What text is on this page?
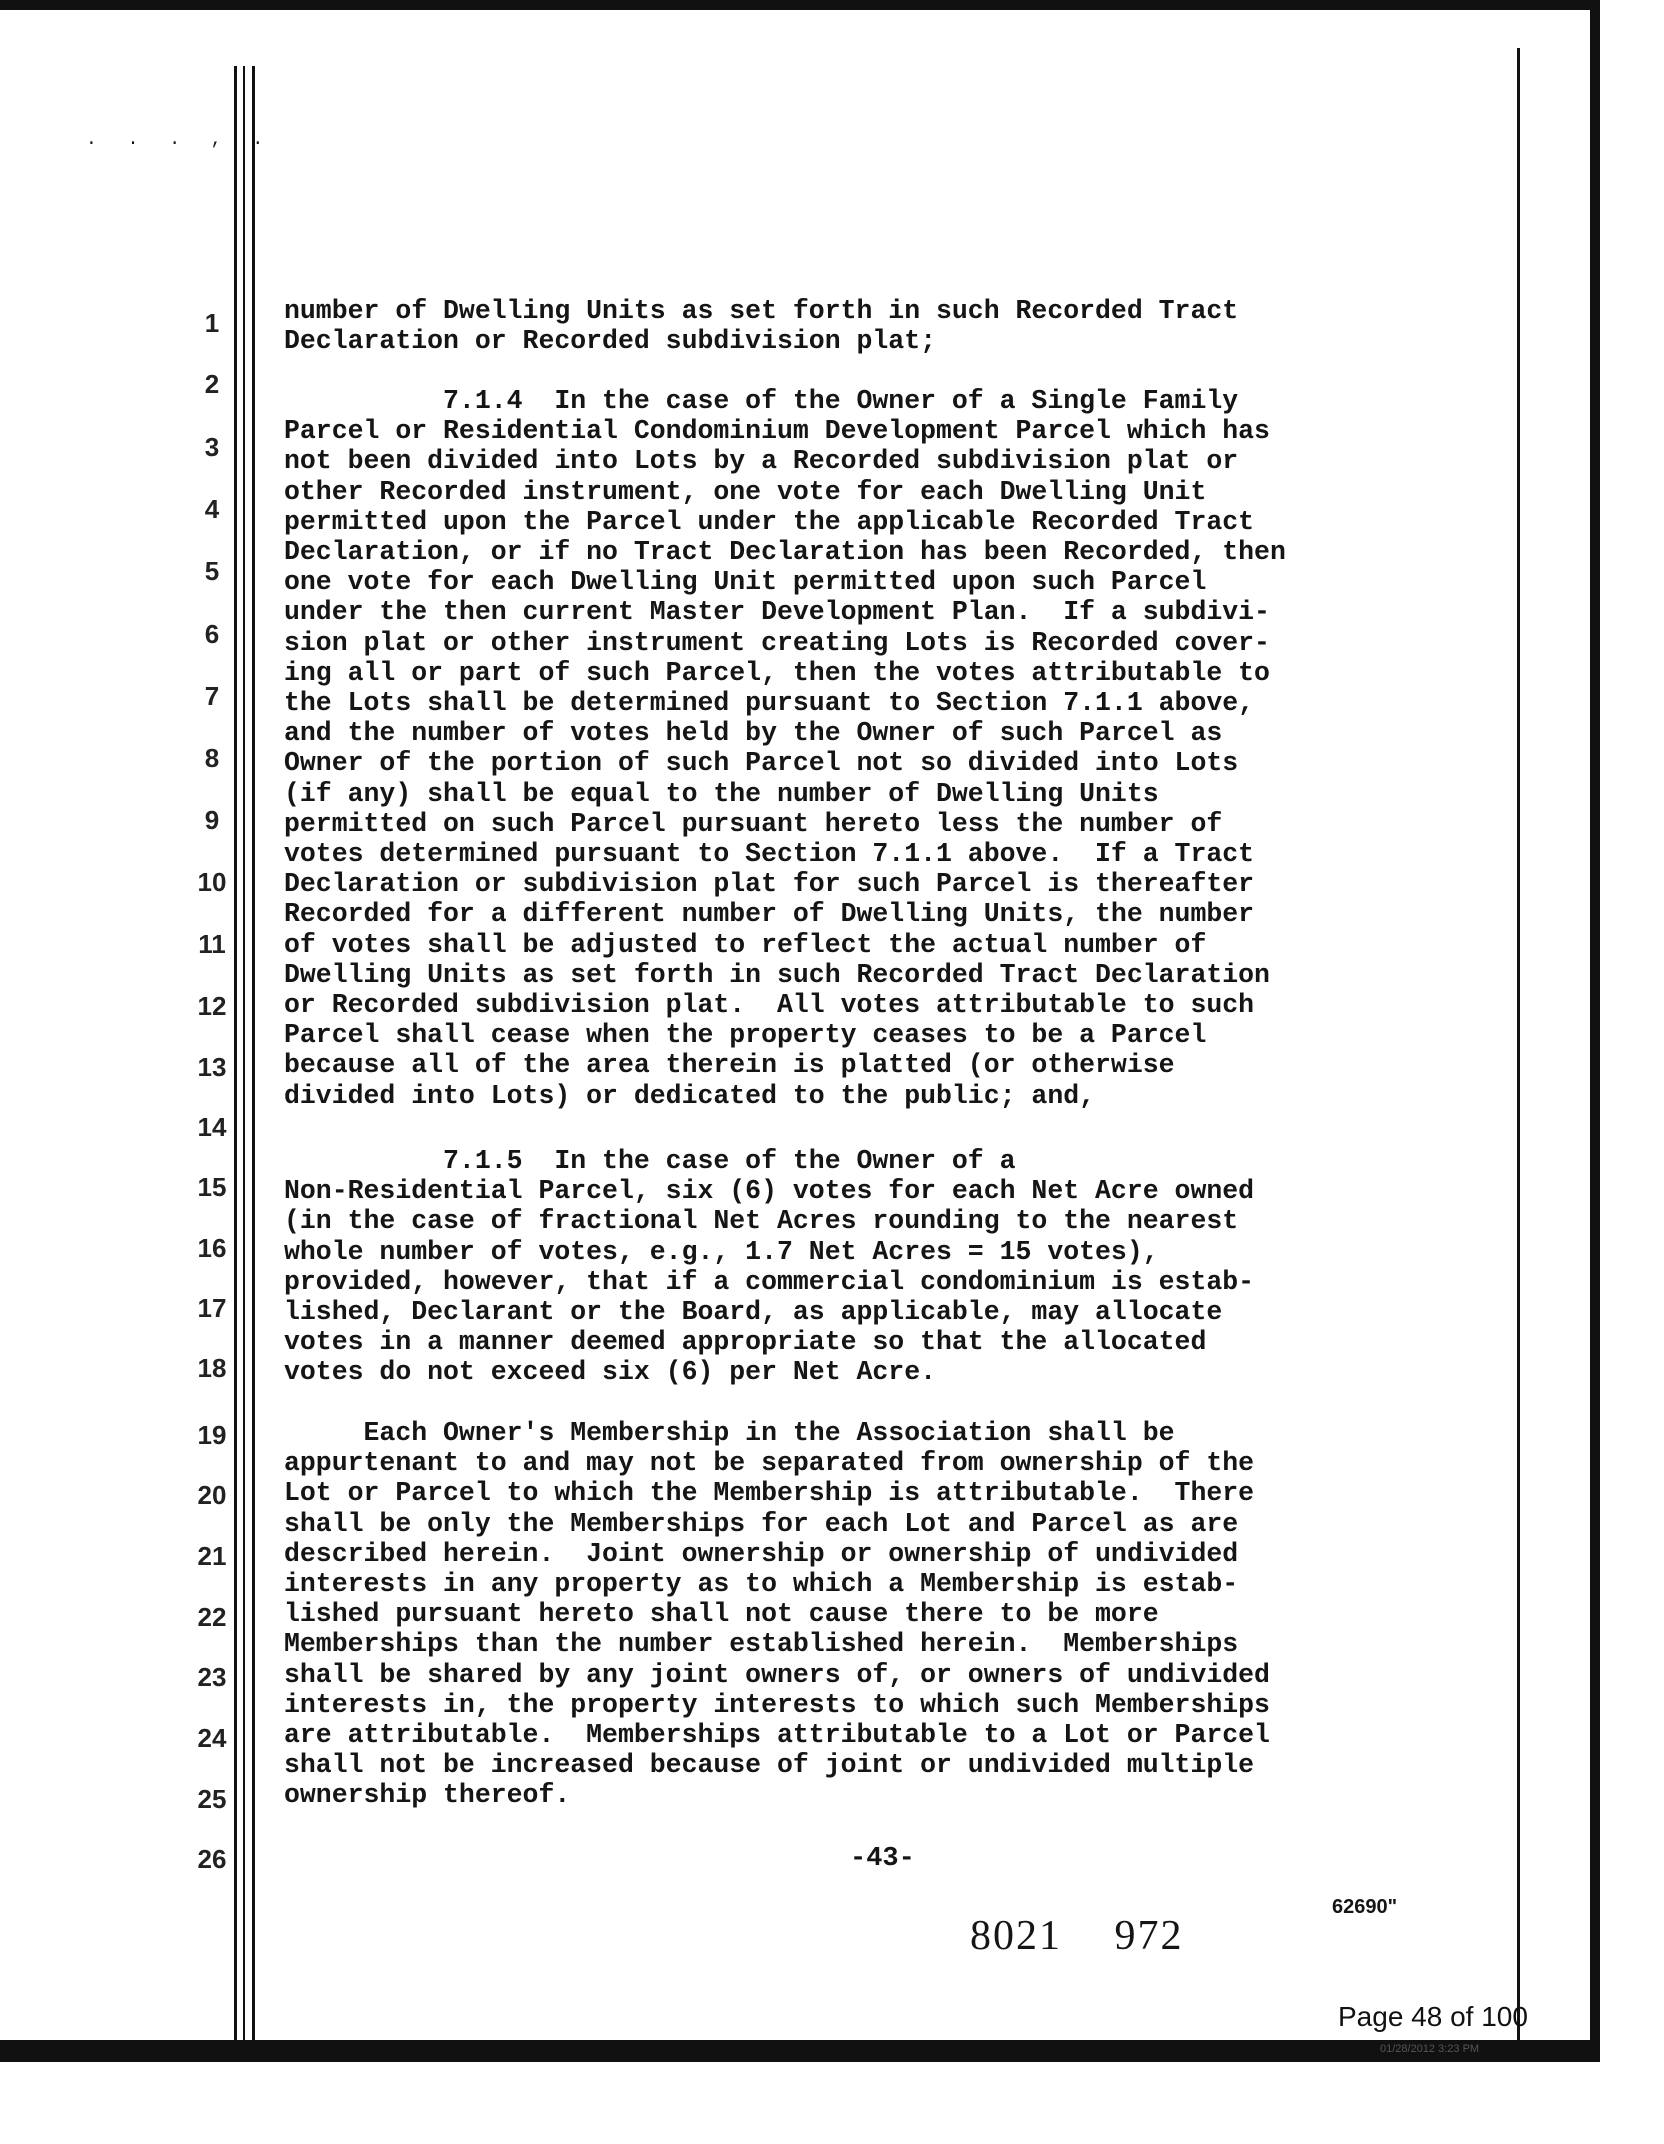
01/28/2012 3:23 PM
. . . , .
1
2
3
4
5
6
7
8
9
10
11
12
13
14
15
16
17
18
19
20
21
22
23
24
25
26
number of Dwelling Units as set forth in such Recorded Tract
Declaration or Recorded subdivision plat;
7.1.4  In the case of the Owner of a Single Family
Parcel or Residential Condominium Development Parcel which has
not been divided into Lots by a Recorded subdivision plat or
other Recorded instrument, one vote for each Dwelling Unit
permitted upon the Parcel under the applicable Recorded Tract
Declaration, or if no Tract Declaration has been Recorded, then
one vote for each Dwelling Unit permitted upon such Parcel
under the then current Master Development Plan.  If a subdivi-
sion plat or other instrument creating Lots is Recorded cover-
ing all or part of such Parcel, then the votes attributable to
the Lots shall be determined pursuant to Section 7.1.1 above,
and the number of votes held by the Owner of such Parcel as
Owner of the portion of such Parcel not so divided into Lots
(if any) shall be equal to the number of Dwelling Units
permitted on such Parcel pursuant hereto less the number of
votes determined pursuant to Section 7.1.1 above.  If a Tract
Declaration or subdivision plat for such Parcel is thereafter
Recorded for a different number of Dwelling Units, the number
of votes shall be adjusted to reflect the actual number of
Dwelling Units as set forth in such Recorded Tract Declaration
or Recorded subdivision plat.  All votes attributable to such
Parcel shall cease when the property ceases to be a Parcel
because all of the area therein is platted (or otherwise
divided into Lots) or dedicated to the public; and,
7.1.5  In the case of the Owner of a
Non-Residential Parcel, six (6) votes for each Net Acre owned
(in the case of fractional Net Acres rounding to the nearest
whole number of votes, e.g., 1.7 Net Acres = 15 votes),
provided, however, that if a commercial condominium is estab-
lished, Declarant or the Board, as applicable, may allocate
votes in a manner deemed appropriate so that the allocated
votes do not exceed six (6) per Net Acre.
Each Owner's Membership in the Association shall be
appurtenant to and may not be separated from ownership of the
Lot or Parcel to which the Membership is attributable.  There
shall be only the Memberships for each Lot and Parcel as are
described herein.  Joint ownership or ownership of undivided
interests in any property as to which a Membership is estab-
lished pursuant hereto shall not cause there to be more
Memberships than the number established herein.  Memberships
shall be shared by any joint owners of, or owners of undivided
interests in, the property interests to which such Memberships
are attributable.  Memberships attributable to a Lot or Parcel
shall not be increased because of joint or undivided multiple
ownership thereof.
-43-
8021 972
62690"
Page 48 of 100
